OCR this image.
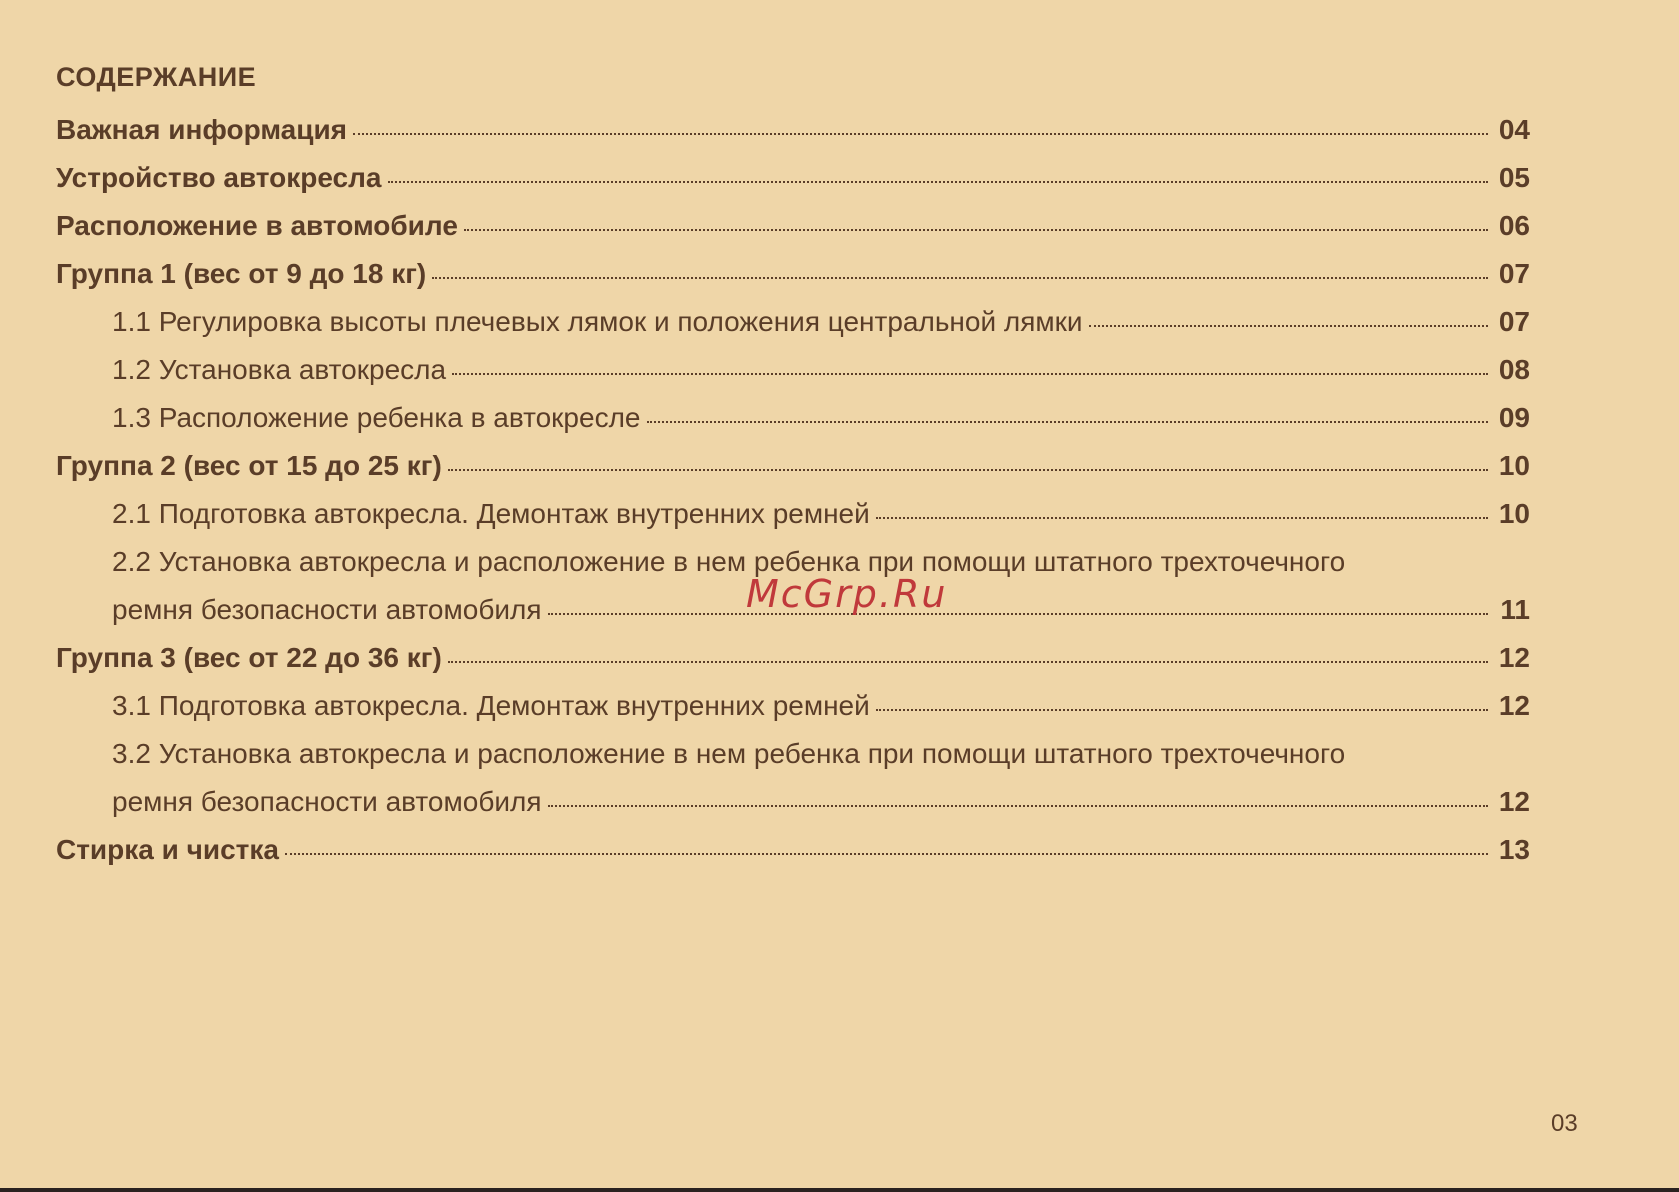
СОДЕРЖАНИЕ
Важная информация	04
Устройство автокресла	05
Расположение в автомобиле	06
Группа 1 (вес от 9 до 18 кг)	07
1.1 Регулировка высоты плечевых лямок и положения центральной лямки	07
1.2 Установка автокресла	08
1.3 Расположение ребенка в автокресле	09
Группа 2 (вес от 15 до 25 кг)	10
2.1 Подготовка автокресла. Демонтаж внутренних ремней	10
2.2 Установка автокресла и расположение в нем ребенка при помощи штатного трехточечного
ремня безопасности автомобиля	11
Группа 3 (вес от 22 до 36 кг)	12
3.1 Подготовка автокресла. Демонтаж внутренних ремней	12
3.2 Установка автокресла и расположение в нем ребенка при помощи штатного трехточечного
ремня безопасности автомобиля	12
Стирка и чистка	13
McGrp.Ru
03
